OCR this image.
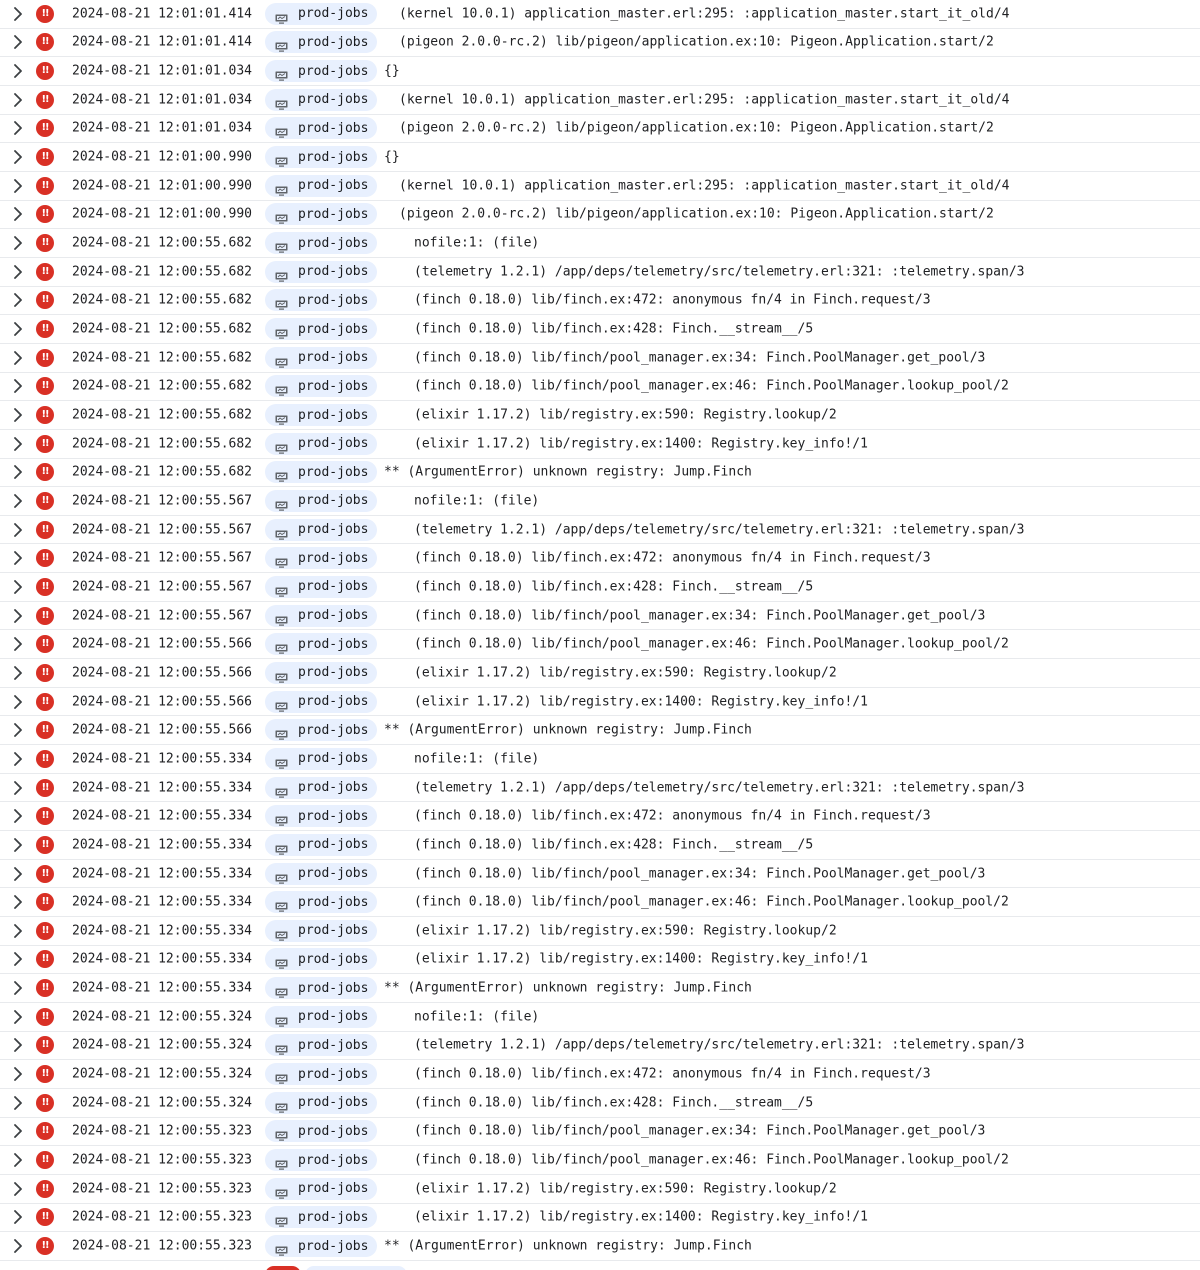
!!	2024-08-21 12:01:01.414	prod-jobs (kernel 10.0.1) application_master.erl:295: :application_master.start_it_old/4
!!	2024-08-21 12:01:01.414	prod-jobs (pigeon 2.0.0-rc.2) lib/pigeon/application.ex:10: Pigeon.Application.start/2
!!	2024-08-21 12:01:01.034	prod-jobs {}
!!	2024-08-21 12:01:01.034	prod-jobs (kernel 10.0.1) application_master.erl:295: :application_master.start_it_old/4
!!	2024-08-21 12:01:01.034	prod-jobs (pigeon 2.0.0-rc.2) lib/pigeon/application.ex:10: Pigeon.Application.start/2
!!	2024-08-21 12:01:00.990	prod-jobs {}
!!	2024-08-21 12:01:00.990	prod-jobs (kernel 10.0.1) application_master.erl:295: :application_master.start_it_old/4
!!	2024-08-21 12:01:00.990	prod-jobs (pigeon 2.0.0-rc.2) lib/pigeon/application.ex:10: Pigeon.Application.start/2
!!	2024-08-21 12:00:55.682	prod-jobs	nofile:1: (file)
!!	2024-08-21 12:00:55.682	prod-jobs	(telemetry 1.2.1) /app/deps/telemetry/src/telemetry.erl:321: :telemetry.span/3
!!	2024-08-21 12:00:55.682	prod-jobs	(finch 0.18.0) lib/finch.ex:472: anonymous fn/4 in Finch.request/3
!!	2024-08-21 12:00:55.682	prod-jobs	(finch 0.18.0) lib/finch.ex:428: Finch.__stream__/5
!!	2024-08-21 12:00:55.682	prod-jobs	(finch 0.18.0) lib/finch/pool_manager.ex:34: Finch.PoolManager.get_pool/3
!!	2024-08-21 12:00:55.682	prod-jobs	(finch 0.18.0) lib/finch/pool_manager.ex:46: Finch.PoolManager.lookup_pool/2
!!	2024-08-21 12:00:55.682	prod-jobs	(elixir 1.17.2) lib/registry.ex:590: Registry.lookup/2
!!	2024-08-21 12:00:55.682	prod-jobs	(elixir 1.17.2) lib/registry.ex:1400: Registry.key_info!/1
!!	2024-08-21 12:00:55.682	prod-jobs ** (ArgumentError) unknown registry: Jump.Finch
!!	2024-08-21 12:00:55.567	prod-jobs	nofile:1: (file)
!!	2024-08-21 12:00:55.567	prod-jobs	(telemetry 1.2.1) /app/deps/telemetry/src/telemetry.erl:321: :telemetry.span/3
!!	2024-08-21 12:00:55.567	prod-jobs	(finch 0.18.0) lib/finch.ex:472: anonymous fn/4 in Finch.request/3
!!	2024-08-21 12:00:55.567	prod-jobs	(finch 0.18.0) lib/finch.ex:428: Finch.__stream__/5
!!	2024-08-21 12:00:55.567	prod-jobs	(finch 0.18.0) lib/finch/pool_manager.ex:34: Finch.PoolManager.get_pool/3
!!	2024-08-21 12:00:55.566	prod-jobs	(finch 0.18.0) lib/finch/pool_manager.ex:46: Finch.PoolManager.lookup_pool/2
!!	2024-08-21 12:00:55.566	prod-jobs	(elixir 1.17.2) lib/registry.ex:590: Registry.lookup/2
!!	2024-08-21 12:00:55.566	prod-jobs	(elixir 1.17.2) lib/registry.ex:1400: Registry.key_info!/1
!!	2024-08-21 12:00:55.566	prod-jobs ** (ArgumentError) unknown registry: Jump.Finch
!!	2024-08-21 12:00:55.334	prod-jobs	nofile:1: (file)
!!	2024-08-21 12:00:55.334	prod-jobs	(telemetry 1.2.1) /app/deps/telemetry/src/telemetry.erl:321: :telemetry.span/3
!!	2024-08-21 12:00:55.334	prod-jobs	(finch 0.18.0) lib/finch.ex:472: anonymous fn/4 in Finch.request/3
!!	2024-08-21 12:00:55.334	prod-jobs	(finch 0.18.0) lib/finch.ex:428: Finch.__stream__/5
!!	2024-08-21 12:00:55.334	prod-jobs	(finch 0.18.0) lib/finch/pool_manager.ex:34: Finch.PoolManager.get_pool/3
!!	2024-08-21 12:00:55.334	prod-jobs	(finch 0.18.0) lib/finch/pool_manager.ex:46: Finch.PoolManager.lookup_pool/2
!!	2024-08-21 12:00:55.334	prod-jobs	(elixir 1.17.2) lib/registry.ex:590: Registry.lookup/2
!!	2024-08-21 12:00:55.334	prod-jobs	(elixir 1.17.2) lib/registry.ex:1400: Registry.key_info!/1
!!	2024-08-21 12:00:55.334	prod-jobs ** (ArgumentError) unknown registry: Jump.Finch
!!	2024-08-21 12:00:55.324	prod-jobs	nofile:1: (file)
!!	2024-08-21 12:00:55.324	prod-jobs	(telemetry 1.2.1) /app/deps/telemetry/src/telemetry.erl:321: :telemetry.span/3
!!	2024-08-21 12:00:55.324	prod-jobs	(finch 0.18.0) lib/finch.ex:472: anonymous fn/4 in Finch.request/3
!!	2024-08-21 12:00:55.324	prod-jobs	(finch 0.18.0) lib/finch.ex:428: Finch.__stream__/5
!!	2024-08-21 12:00:55.323	prod-jobs	(finch 0.18.0) lib/finch/pool_manager.ex:34: Finch.PoolManager.get_pool/3
!!	2024-08-21 12:00:55.323	prod-jobs	(finch 0.18.0) lib/finch/pool_manager.ex:46: Finch.PoolManager.lookup_pool/2
!!	2024-08-21 12:00:55.323	prod-jobs	(elixir 1.17.2) lib/registry.ex:590: Registry.lookup/2
!!	2024-08-21 12:00:55.323	prod-jobs	(elixir 1.17.2) lib/registry.ex:1400: Registry.key_info!/1
!!	2024-08-21 12:00:55.323	prod-jobs ** (ArgumentError) unknown registry: Jump.Finch
